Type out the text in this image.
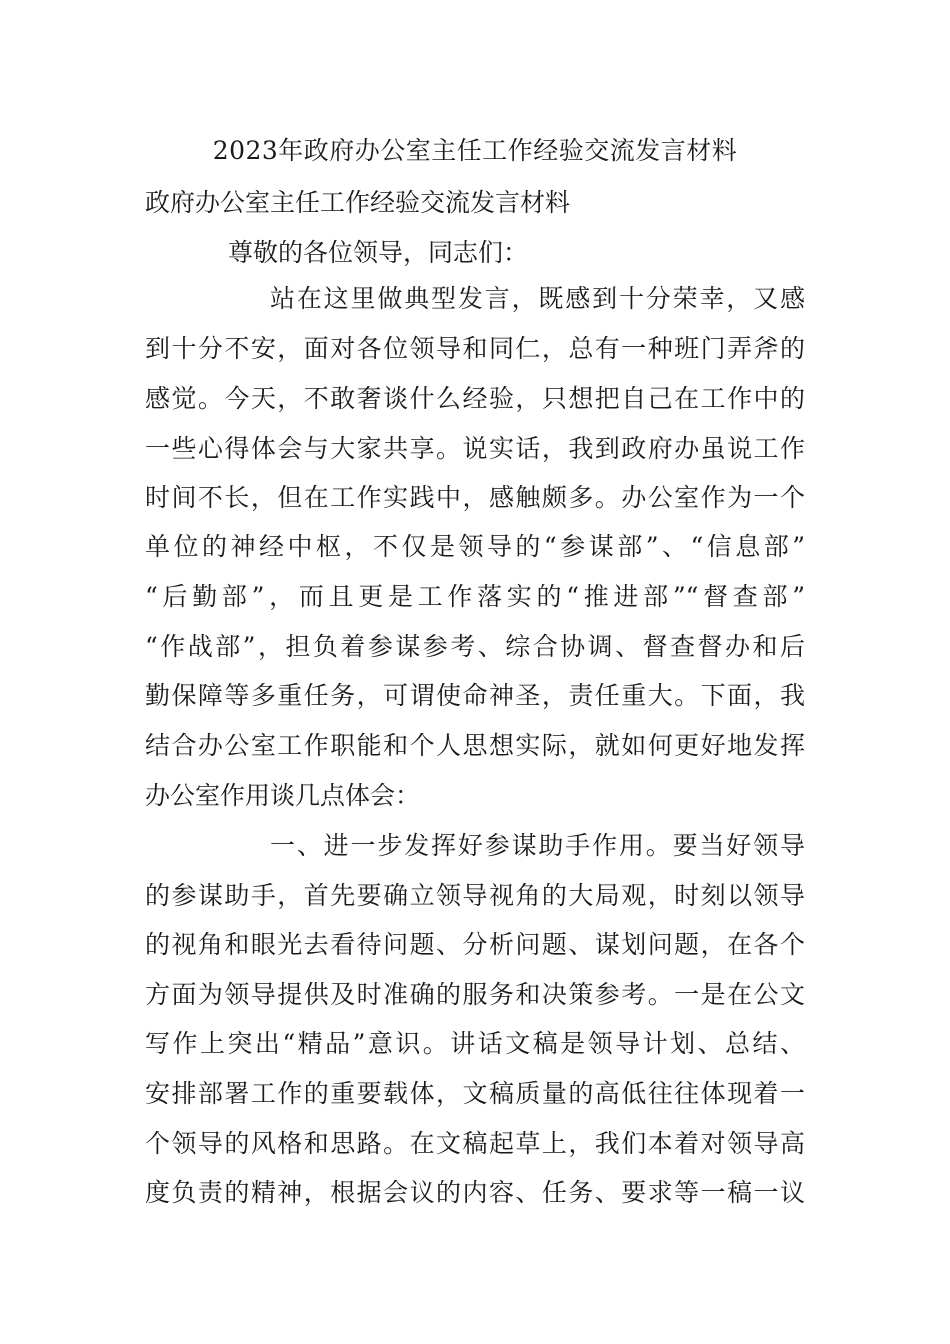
2023年政府办公室主任工作经验交流发言材料
政府办公室主任工作经验交流发言材料
尊敬的各位领导，同志们：
站在这里做典型发言，既感到十分荣幸，又感
到十分不安，面对各位领导和同仁，总有一种班门弄斧的
感觉。今天，不敢奢谈什么经验，只想把自己在工作中的
一些心得体会与大家共享。说实话，我到政府办虽说工作
时间不长，但在工作实践中，感触颇多。办公室作为一个
单位的神经中枢，不仅是领导的“参谋部”、“信息部”
“后勤部”，而且更是工作落实的“推进部”“督查部”
“作战部”，担负着参谋参考、综合协调、督查督办和后
勤保障等多重任务，可谓使命神圣，责任重大。下面，我
结合办公室工作职能和个人思想实际，就如何更好地发挥
办公室作用谈几点体会：
一、进一步发挥好参谋助手作用。要当好领导
的参谋助手，首先要确立领导视角的大局观，时刻以领导
的视角和眼光去看待问题、分析问题、谋划问题，在各个
方面为领导提供及时准确的服务和决策参考。一是在公文
写作上突出“精品”意识。讲话文稿是领导计划、总结、
安排部署工作的重要载体，文稿质量的高低往往体现着一
个领导的风格和思路。在文稿起草上，我们本着对领导高
度负责的精神，根据会议的内容、任务、要求等一稿一议
